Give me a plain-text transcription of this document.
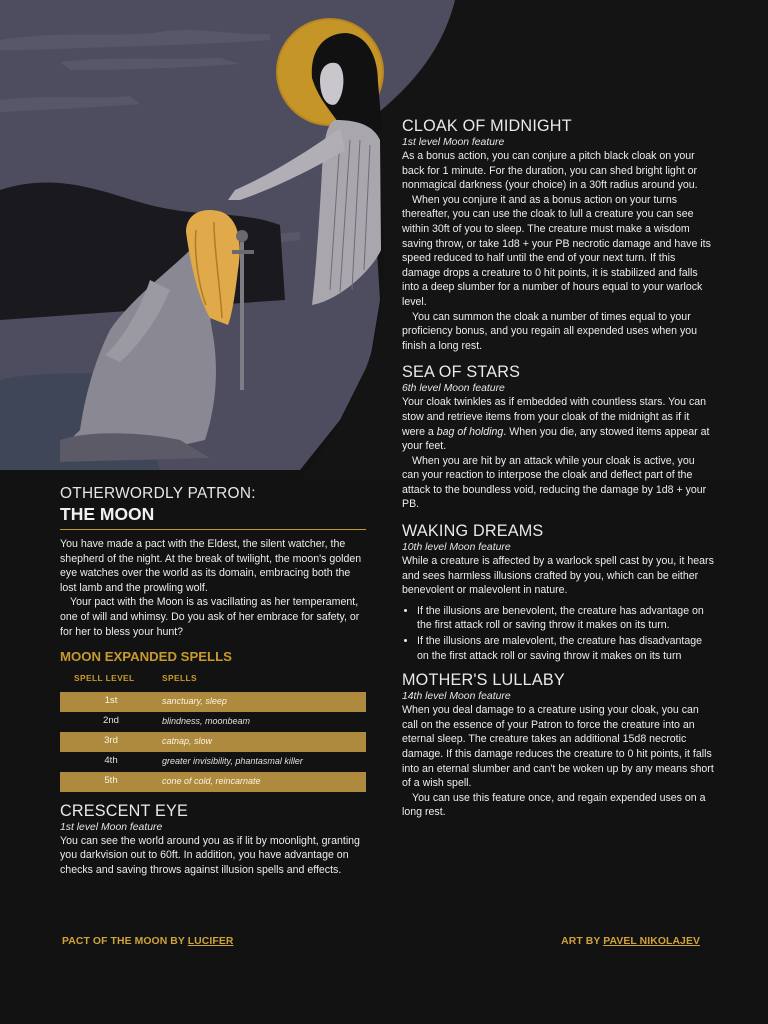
CLOAK OF MIDNIGHT

1st level Moon feature

As a bonus action, you can conjure a pitch black cloak on your back for 1 minute. For the duration, you can shed bright light or nonmagical darkness (your choice) in a 30ft radius around you.

When you conjure it and as a bonus action on your turns thereafter, you can use the cloak to lull a creature you can see within 30ft of you to sleep. The creature must make a wisdom saving throw, or take 1d8 + your PB necrotic damage and have its speed reduced to half until the end of your next turn. If this damage drops a creature to 0 hit points, it is stabilized and falls into a deep slumber for a number of hours equal to your warlock level.

You can summon the cloak a number of times equal to your proficiency bonus, and you regain all expended uses when you finish a long rest.

SEA OF STARS

6th level Moon feature

Your cloak twinkles as if embedded with countless stars. You can stow and retrieve items from your cloak of the midnight as if it were a bag of holding. When you die, any stowed items appear at your feet.

When you are hit by an attack while your cloak is active, you can your reaction to interpose the cloak and deflect part of the attack to the boundless void, reducing the damage by 1d8 + your PB.

WAKING DREAMS

10th level Moon feature

While a creature is affected by a warlock spell cast by you, it hears and sees harmless illusions crafted by you, which can be either benevolent or malevolent in nature.

• If the illusions are benevolent, the creature has advantage on the first attack roll or saving throw it makes on its turn.
• If the illusions are malevolent, the creature has disadvantage on the first attack roll or saving throw it makes on its turn
MOTHER'S LULLABY

14th level Moon feature

When you deal damage to a creature using your cloak, you can call on the essence of your Patron to force the creature into an eternal sleep. The creature takes an additional 15d8 necrotic damage. If this damage reduces the creature to 0 hit points, it falls into an eternal slumber and can't be woken up by any means short of a wish spell.

You can use this feature once, and regain expended uses on a long rest.

OTHERWORDLY PATRON:
THE MOON

You have made a pact with the Eldest, the silent watcher, the shepherd of the night. At the break of twilight, the moon's golden eye watches over the world as its domain, embracing both the lost lamb and the prowling wolf.

Your pact with the Moon is as vacillating as her temperament, one of will and whimsy. Do you ask of her embrace for safety, or for her to bless your hunt?

MOON EXPANDED SPELLS
SPELL LEVEL	SPELLS
1st	sanctuary, sleep
2nd	blindness, moonbeam
3rd	catnap, slow
4th	greater invisibility, phantasmal killer
5th	cone of cold, reincarnate
CRESCENT EYE

1st level Moon feature

You can see the world around you as if lit by moonlight, granting you darkvision out to 60ft. In addition, you have advantage on checks and saving throws against illusion spells and effects.

PACT OF THE MOON BY LUCIFER	ART BY PAVEL NIKOLAJEV
